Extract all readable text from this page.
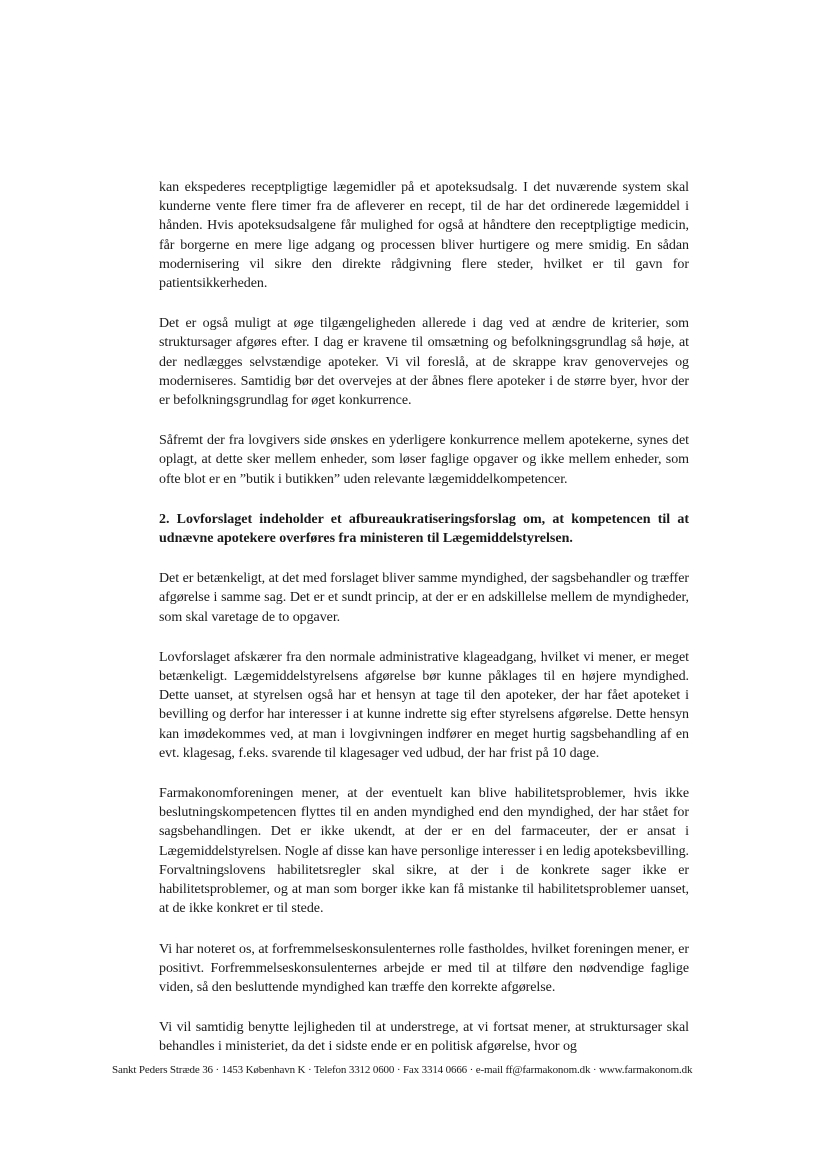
kan ekspederes receptpligtige lægemidler på et apoteksudsalg. I det nuværende system skal kunderne vente flere timer fra de afleverer en recept, til de har det ordinerede lægemiddel i hånden. Hvis apoteksudsalgene får mulighed for også at håndtere den receptpligtige medicin, får borgerne en mere lige adgang og processen bliver hurtigere og mere smidig. En sådan modernisering vil sikre den direkte rådgivning flere steder, hvilket er til gavn for patientsikkerheden.

Det er også muligt at øge tilgængeligheden allerede i dag ved at ændre de kriterier, som struktursager afgøres efter. I dag er kravene til omsætning og befolkningsgrundlag så høje, at der nedlægges selvstændige apoteker. Vi vil foreslå, at de skrappe krav genovervejes og moderniseres. Samtidig bør det overvejes at der åbnes flere apoteker i de større byer, hvor der er befolkningsgrundlag for øget konkurrence.

Såfremt der fra lovgivers side ønskes en yderligere konkurrence mellem apotekerne, synes det oplagt, at dette sker mellem enheder, som løser faglige opgaver og ikke mellem enheder, som ofte blot er en ”butik i butikken” uden relevante lægemiddelkompetencer.

2. Lovforslaget indeholder et afbureaukratiseringsforslag om, at kompetencen til at udnævne apotekere overføres fra ministeren til Lægemiddelstyrelsen.

Det er betænkeligt, at det med forslaget bliver samme myndighed, der sagsbehandler og træffer afgørelse i samme sag. Det er et sundt princip, at der er en adskillelse mellem de myndigheder, som skal varetage de to opgaver.

Lovforslaget afskærer fra den normale administrative klageadgang, hvilket vi mener, er meget betænkeligt. Lægemiddelstyrelsens afgørelse bør kunne påklages til en højere myndighed. Dette uanset, at styrelsen også har et hensyn at tage til den apoteker, der har fået apoteket i bevilling og derfor har interesser i at kunne indrette sig efter styrelsens afgørelse. Dette hensyn kan imødekommes ved, at man i lovgivningen indfører en meget hurtig sagsbehandling af en evt. klagesag, f.eks. svarende til klagesager ved udbud, der har frist på 10 dage.

Farmakonomforeningen mener, at der eventuelt kan blive habilitetsproblemer, hvis ikke beslutningskompetencen flyttes til en anden myndighed end den myndighed, der har stået for sagsbehandlingen. Det er ikke ukendt, at der er en del farmaceuter, der er ansat i Lægemiddelstyrelsen. Nogle af disse kan have personlige interesser i en ledig apoteksbevilling. Forvaltningslovens habilitetsregler skal sikre, at der i de konkrete sager ikke er habilitetsproblemer, og at man som borger ikke kan få mistanke til habilitetsproblemer uanset, at de ikke konkret er til stede.

Vi har noteret os, at forfremmelseskonsulenternes rolle fastholdes, hvilket foreningen mener, er positivt. Forfremmelseskonsulenternes arbejde er med til at tilføre den nødvendige faglige viden, så den besluttende myndighed kan træffe den korrekte afgørelse.

Vi vil samtidig benytte lejligheden til at understrege, at vi fortsat mener, at struktursager skal behandles i ministeriet, da det i sidste ende er en politisk afgørelse, hvor og

Sankt Peders Stræde 36 · 1453 København K · Telefon 3312 0600 · Fax 3314 0666 · e-mail ff@farmakonom.dk · www.farmakonom.dk
